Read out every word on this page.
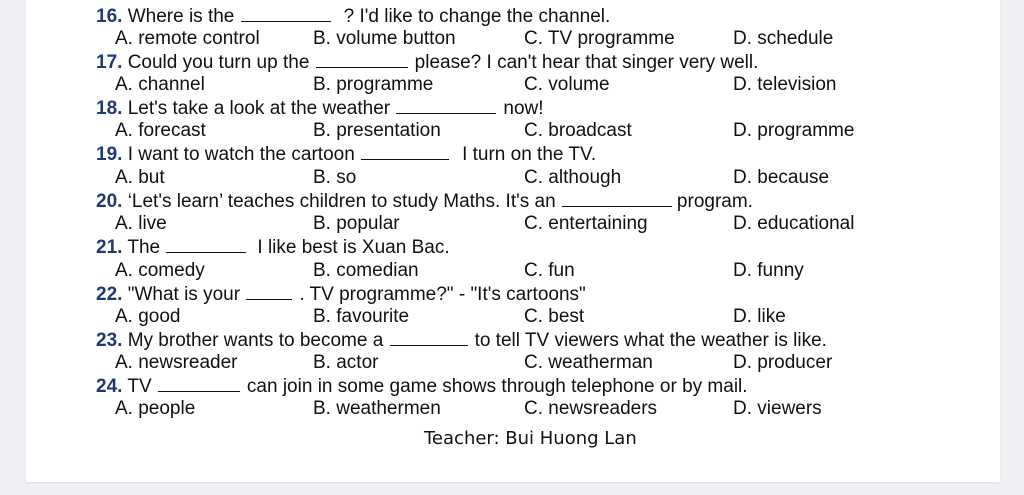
16. Where is the	? I'd like to change the channel.
A. remote control	B. volume button	C. TV programme	D. schedule
17. Could you turn up the	please? I can't hear that singer very well.
A. channel	B. programme	C. volume	D. television
18. Let's take a look at the weather	now!
A. forecast	B. presentation	C. broadcast	D. programme
19. I want to watch the cartoon	I turn on the TV.
A. but	B. so	C. although	D. because
20. ‘Let's learn’ teaches children to study Maths. It's an	program.
A. live	B. popular	C. entertaining	D. educational
21. The	I like best is Xuan Bac.
A. comedy	B. comedian	C. fun	D. funny
22. "What is your	. TV programme?" - "It's cartoons"
A. good	B. favourite	C. best	D. like
23. My brother wants to become a	to tell TV viewers what the weather is like.
A. newsreader	B. actor	C. weatherman	D. producer
24. TV	can join in some game shows through telephone or by mail.
A. people	B. weathermen	C. newsreaders	D. viewers
Teacher: Bui Huong Lan
